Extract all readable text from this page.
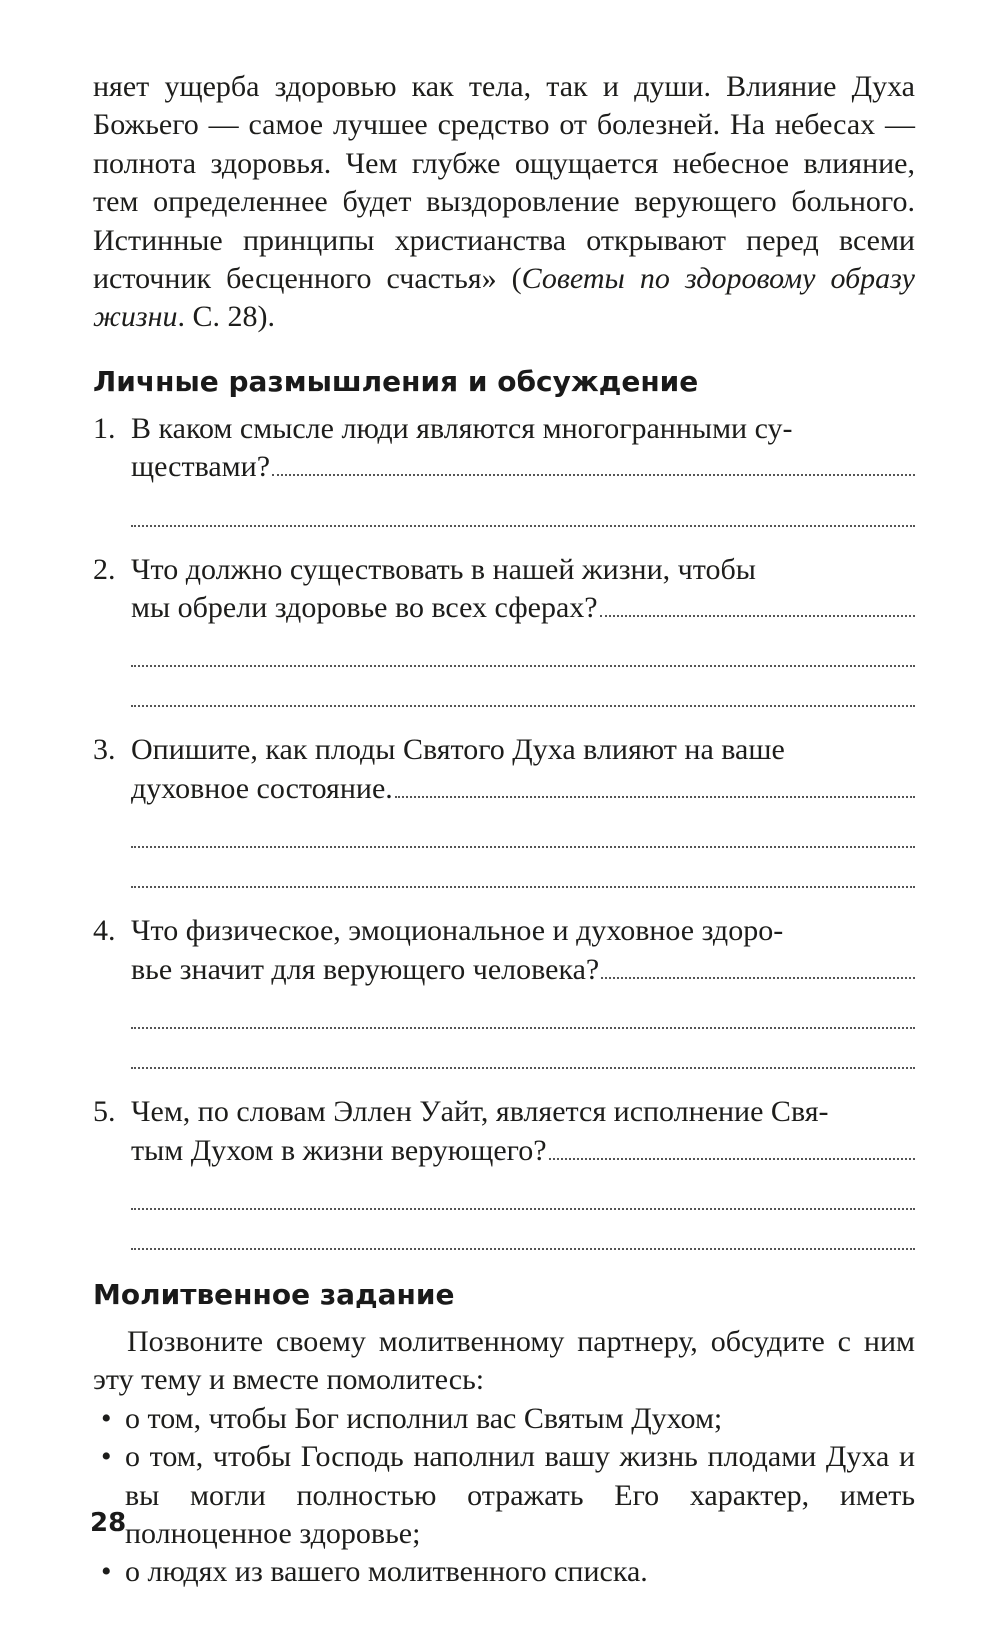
няет ущерба здоровью как тела, так и души. Влияние Духа Божьего — самое лучшее средство от болезней. На небесах — полнота здоровья. Чем глубже ощущается небесное влияние, тем определеннее будет выздоровление верующего больного. Истинные принципы христианства открывают перед всеми источник бесценного счастья» (Советы по здоровому образу жизни. С. 28).

Личные размышления и обсуждение
1. В каком смысле люди являются многогранными су-
ществами?
2. Что должно существовать в нашей жизни, чтобы
мы обрели здоровье во всех сферах?
3. Опишите, как плоды Святого Духа влияют на ваше
духовное состояние.
4. Что физическое, эмоциональное и духовное здоро-
вье значит для верующего человека?
5. Чем, по словам Эллен Уайт, является исполнение Свя-
тым Духом в жизни верующего?
Молитвенное задание

Позвоните своему молитвенному партнеру, обсудите с ним эту тему и вместе помолитесь:

• о том, чтобы Бог исполнил вас Святым Духом;
• о том, чтобы Господь наполнил вашу жизнь плодами Духа и вы могли полностью отражать Его характер, иметь полноценное здоровье;
• о людях из вашего молитвенного списка.
28
